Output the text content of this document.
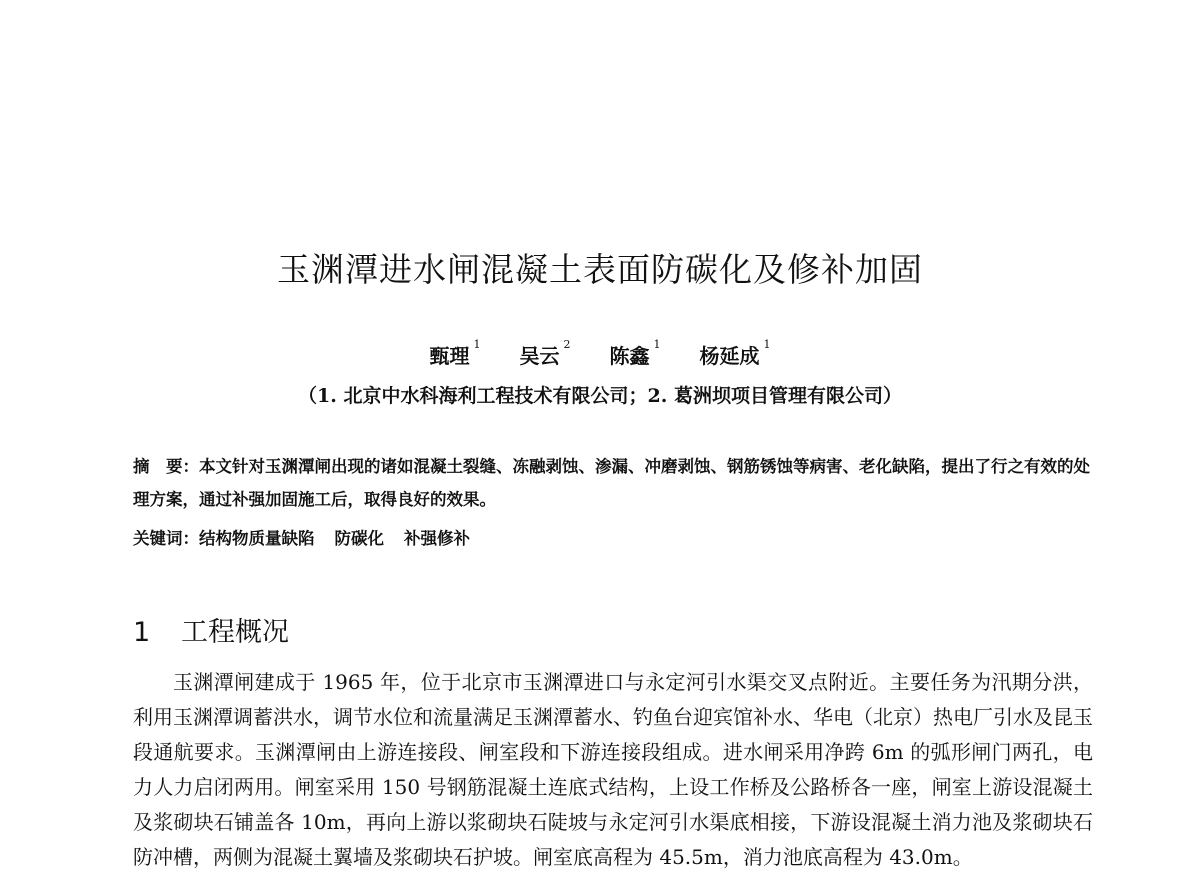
玉渊潭进水闸混凝土表面防碳化及修补加固
甄理 $^1$ 吴云 $^2$ 陈鑫 $^1$ 杨延成 $^1$
（1. 北京中水科海利工程技术有限公司；2. 葛洲坝项目管理有限公司）
摘　要：本文针对玉渊潭闸出现的诸如混凝土裂缝、冻融剥蚀、渗漏、冲磨剥蚀、钢筋锈蚀等病害、老化缺陷，提出了行之有效的处理方案，通过补强加固施工后，取得良好的效果。
关键词：结构物质量缺陷 防碳化 补强修补
1 工程概况
玉渊潭闸建成于 1965 年，位于北京市玉渊潭进口与永定河引水渠交叉点附近。主要任务为汛期分洪，利用玉渊潭调蓄洪水，调节水位和流量满足玉渊潭蓄水、钓鱼台迎宾馆补水、华电（北京）热电厂引水及昆玉段通航要求。玉渊潭闸由上游连接段、闸室段和下游连接段组成。进水闸采用净跨 6m 的弧形闸门两孔，电力人力启闭两用。闸室采用 150 号钢筋混凝土连底式结构，上设工作桥及公路桥各一座，闸室上游设混凝土及浆砌块石铺盖各 10m，再向上游以浆砌块石陡坡与永定河引水渠底相接，下游设混凝土消力池及浆砌块石防冲槽，两侧为混凝土翼墙及浆砌块石护坡。闸室底高程为 45.5m，消力池底高程为 43.0m。
